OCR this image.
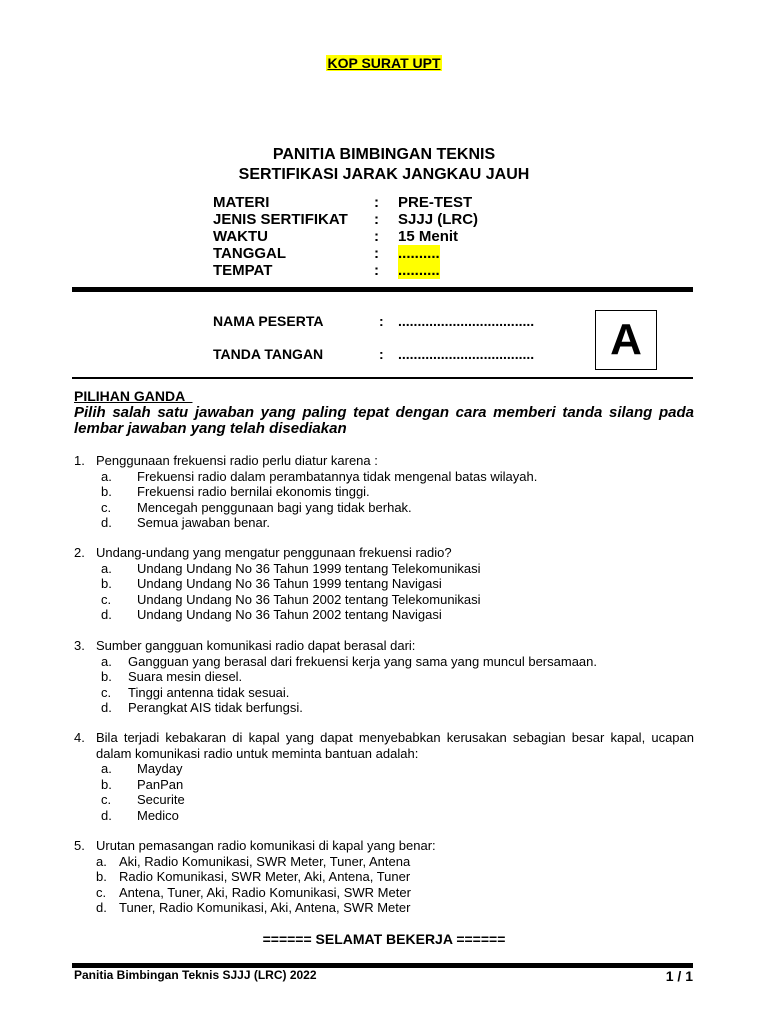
KOP SURAT UPT
PANITIA BIMBINGAN TEKNIS
SERTIFIKASI JARAK JANGKAU JAUH
MATERI	: PRE-TEST
JENIS SERTIFIKAT : SJJJ (LRC)
WAKTU	: 15 Menit
TANGGAL	: ..........
TEMPAT	: ..........
NAMA PESERTA	: ...................................
TANDA TANGAN	: ...................................	A
PILIHAN GANDA
Pilih salah satu jawaban yang paling tepat dengan cara memberi tanda silang pada lembar jawaban yang telah disediakan
1. Penggunaan frekuensi radio perlu diatur karena :
a. Frekuensi radio dalam perambatannya tidak mengenal batas wilayah.
b. Frekuensi radio bernilai ekonomis tinggi.
c. Mencegah penggunaan bagi yang tidak berhak.
d. Semua jawaban benar.
2. Undang-undang yang mengatur penggunaan frekuensi radio?
a. Undang Undang No 36 Tahun 1999 tentang Telekomunikasi
b. Undang Undang No 36 Tahun 1999 tentang Navigasi
c. Undang Undang No 36 Tahun 2002 tentang Telekomunikasi
d. Undang Undang No 36 Tahun 2002 tentang Navigasi
3. Sumber gangguan komunikasi radio dapat berasal dari:
a. Gangguan yang berasal dari frekuensi kerja yang sama yang muncul bersamaan.
b. Suara mesin diesel.
c. Tinggi antenna tidak sesuai.
d. Perangkat AIS tidak berfungsi.
4. Bila terjadi kebakaran di kapal yang dapat menyebabkan kerusakan sebagian besar kapal, ucapan dalam komunikasi radio untuk meminta bantuan adalah:
a. Mayday
b. PanPan
c. Securite
d. Medico
5. Urutan pemasangan radio komunikasi di kapal yang benar:
a. Aki, Radio Komunikasi, SWR Meter, Tuner, Antena
b. Radio Komunikasi, SWR Meter, Aki, Antena, Tuner
c. Antena, Tuner, Aki, Radio Komunikasi, SWR Meter
d. Tuner, Radio Komunikasi, Aki, Antena, SWR Meter
====== SELAMAT BEKERJA ======
Panitia Bimbingan Teknis SJJJ (LRC) 2022	1 / 1
